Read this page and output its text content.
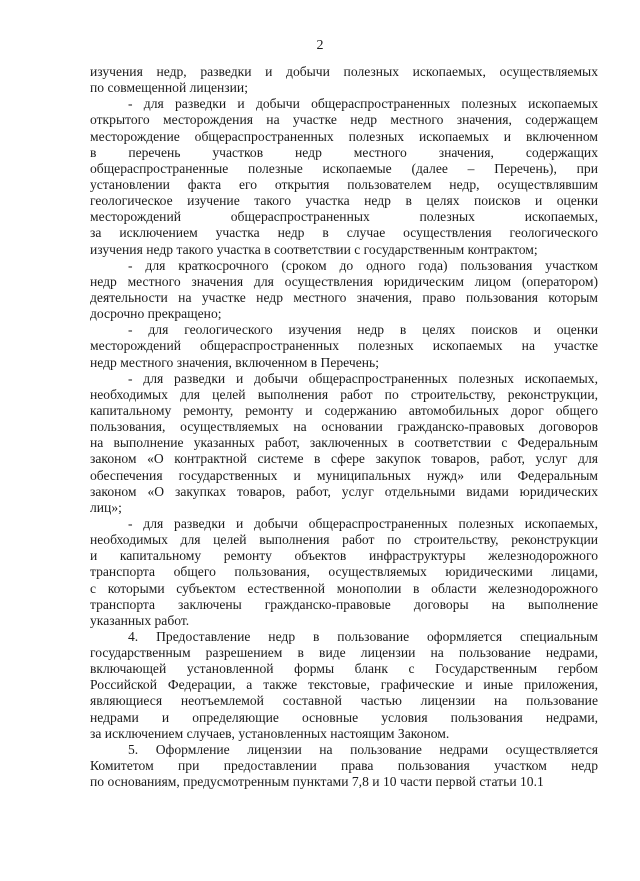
2
изучения недр, разведки и добычи полезных ископаемых, осуществляемых
по совмещенной лицензии;
- для разведки и добычи общераспространенных полезных ископаемых
открытого месторождения на участке недр местного значения, содержащем
месторождение общераспространенных полезных ископаемых и включенном
в перечень участков недр местного значения, содержащих
общераспространенные полезные ископаемые (далее – Перечень), при
установлении факта его открытия пользователем недр, осуществлявшим
геологическое изучение такого участка недр в целях поисков и оценки
месторождений общераспространенных полезных ископаемых,
за исключением участка недр в случае осуществления геологического
изучения недр такого участка в соответствии с государственным контрактом;
- для краткосрочного (сроком до одного года) пользования участком
недр местного значения для осуществления юридическим лицом (оператором)
деятельности на участке недр местного значения, право пользования которым
досрочно прекращено;
- для геологического изучения недр в целях поисков и оценки
месторождений общераспространенных полезных ископаемых на участке
недр местного значения, включенном в Перечень;
- для разведки и добычи общераспространенных полезных ископаемых,
необходимых для целей выполнения работ по строительству, реконструкции,
капитальному ремонту, ремонту и содержанию автомобильных дорог общего
пользования, осуществляемых на основании гражданско-правовых договоров
на выполнение указанных работ, заключенных в соответствии с Федеральным
законом «О контрактной системе в сфере закупок товаров, работ, услуг для
обеспечения государственных и муниципальных нужд» или Федеральным
законом «О закупках товаров, работ, услуг отдельными видами юридических
лиц»;
- для разведки и добычи общераспространенных полезных ископаемых,
необходимых для целей выполнения работ по строительству, реконструкции
и капитальному ремонту объектов инфраструктуры железнодорожного
транспорта общего пользования, осуществляемых юридическими лицами,
с которыми субъектом естественной монополии в области железнодорожного
транспорта заключены гражданско-правовые договоры на выполнение
указанных работ.
4. Предоставление недр в пользование оформляется специальным
государственным разрешением в виде лицензии на пользование недрами,
включающей установленной формы бланк с Государственным гербом
Российской Федерации, а также текстовые, графические и иные приложения,
являющиеся неотъемлемой составной частью лицензии на пользование
недрами и определяющие основные условия пользования недрами,
за исключением случаев, установленных настоящим Законом.
5. Оформление лицензии на пользование недрами осуществляется
Комитетом при предоставлении права пользования участком недр
по основаниям, предусмотренным пунктами 7,8 и 10 части первой статьи 10.1
